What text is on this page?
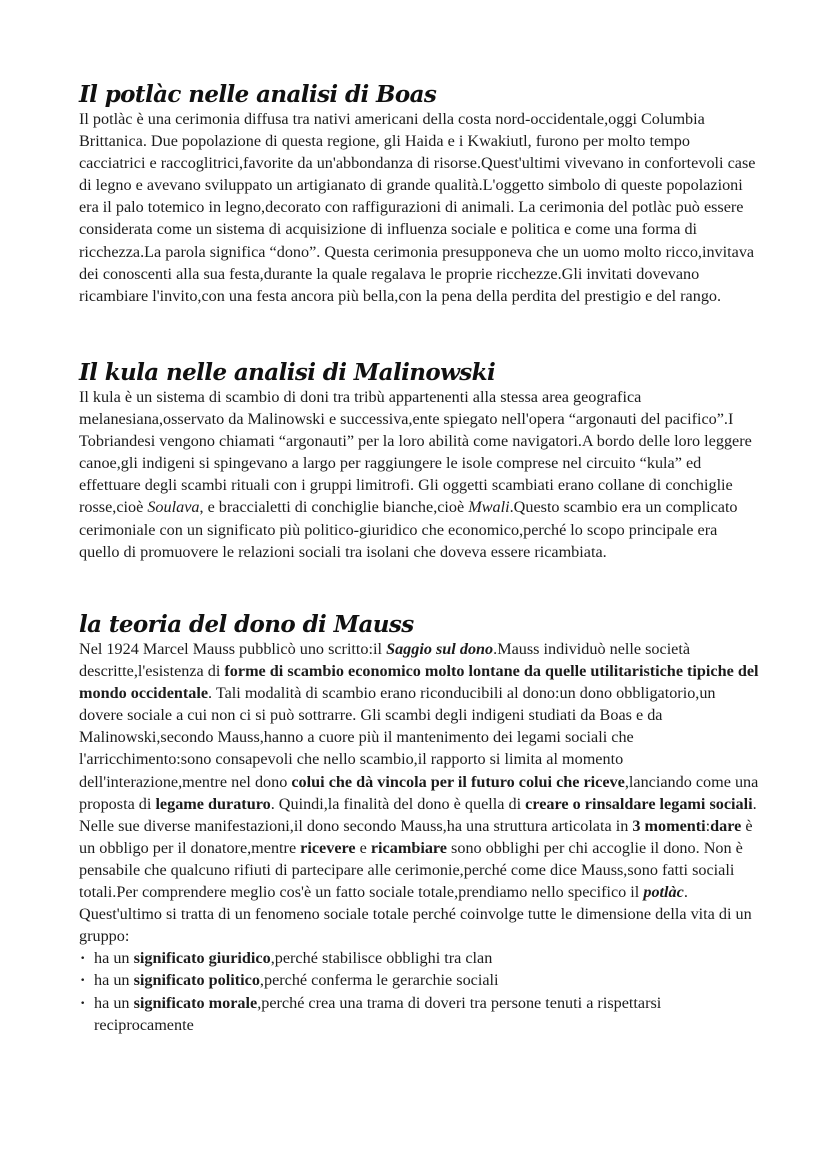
Il potlàc nelle analisi di Boas

Il potlàc è una cerimonia diffusa tra nativi americani della costa nord-occidentale,oggi Columbia Brittanica. Due popolazione di questa regione, gli Haida e i Kwakiutl, furono per molto tempo cacciatrici e raccoglitrici,favorite da un'abbondanza di risorse.Quest'ultimi vivevano in confortevoli case di legno e avevano sviluppato un artigianato di grande qualità.L'oggetto simbolo di queste popolazioni era il palo totemico in legno,decorato con raffigurazioni di animali. La cerimonia del potlàc può essere considerata come un sistema di acquisizione di influenza sociale e politica e come una forma di ricchezza.La parola significa “dono”. Questa cerimonia presupponeva che un uomo molto ricco,invitava dei conoscenti alla sua festa,durante la quale regalava le proprie ricchezze.Gli invitati dovevano ricambiare l'invito,con una festa ancora più bella,con la pena della perdita del prestigio e del rango.

Il kula nelle analisi di Malinowski

Il kula è un sistema di scambio di doni tra tribù appartenenti alla stessa area geografica melanesiana,osservato da Malinowski e successiva,ente spiegato nell'opera “argonauti del pacifico”.I Tobriandesi vengono chiamati “argonauti” per la loro abilità come navigatori.A bordo delle loro leggere canoe,gli indigeni si spingevano a largo per raggiungere le isole comprese nel circuito “kula” ed effettuare degli scambi rituali con i gruppi limitrofi. Gli oggetti scambiati erano collane di conchiglie rosse,cioè Soulava, e braccialetti di conchiglie bianche,cioè Mwali.Questo scambio era un complicato cerimoniale con un significato più politico-giuridico che economico,perché lo scopo principale era quello di promuovere le relazioni sociali tra isolani che doveva essere ricambiata.

la teoria del dono di Mauss

Nel 1924 Marcel Mauss pubblicò uno scritto:il Saggio sul dono.Mauss individuò nelle società descritte,l'esistenza di forme di scambio economico molto lontane da quelle utilitaristiche tipiche del mondo occidentale. Tali modalità di scambio erano riconducibili al dono:un dono obbligatorio,un dovere sociale a cui non ci si può sottrarre. Gli scambi degli indigeni studiati da Boas e da Malinowski,secondo Mauss,hanno a cuore più il mantenimento dei legami sociali che l'arricchimento:sono consapevoli che nello scambio,il rapporto si limita al momento dell'interazione,mentre nel dono colui che dà vincola per il futuro colui che riceve,lanciando come una proposta di legame duraturo. Quindi,la finalità del dono è quella di creare o rinsaldare legami sociali.

Nelle sue diverse manifestazioni,il dono secondo Mauss,ha una struttura articolata in 3 momenti:dare è un obbligo per il donatore,mentre ricevere e ricambiare sono obblighi per chi accoglie il dono. Non è pensabile che qualcuno rifiuti di partecipare alle cerimonie,perché come dice Mauss,sono fatti sociali totali.Per comprendere meglio cos'è un fatto sociale totale,prendiamo nello specifico il potlàc. Quest'ultimo si tratta di un fenomeno sociale totale perché coinvolge tutte le dimensione della vita di un gruppo:

· ha un significato giuridico,perché stabilisce obblighi tra clan
· ha un significato politico,perché conferma le gerarchie sociali
· ha un significato morale,perché crea una trama di doveri tra persone tenuti a rispettarsi reciprocamente
